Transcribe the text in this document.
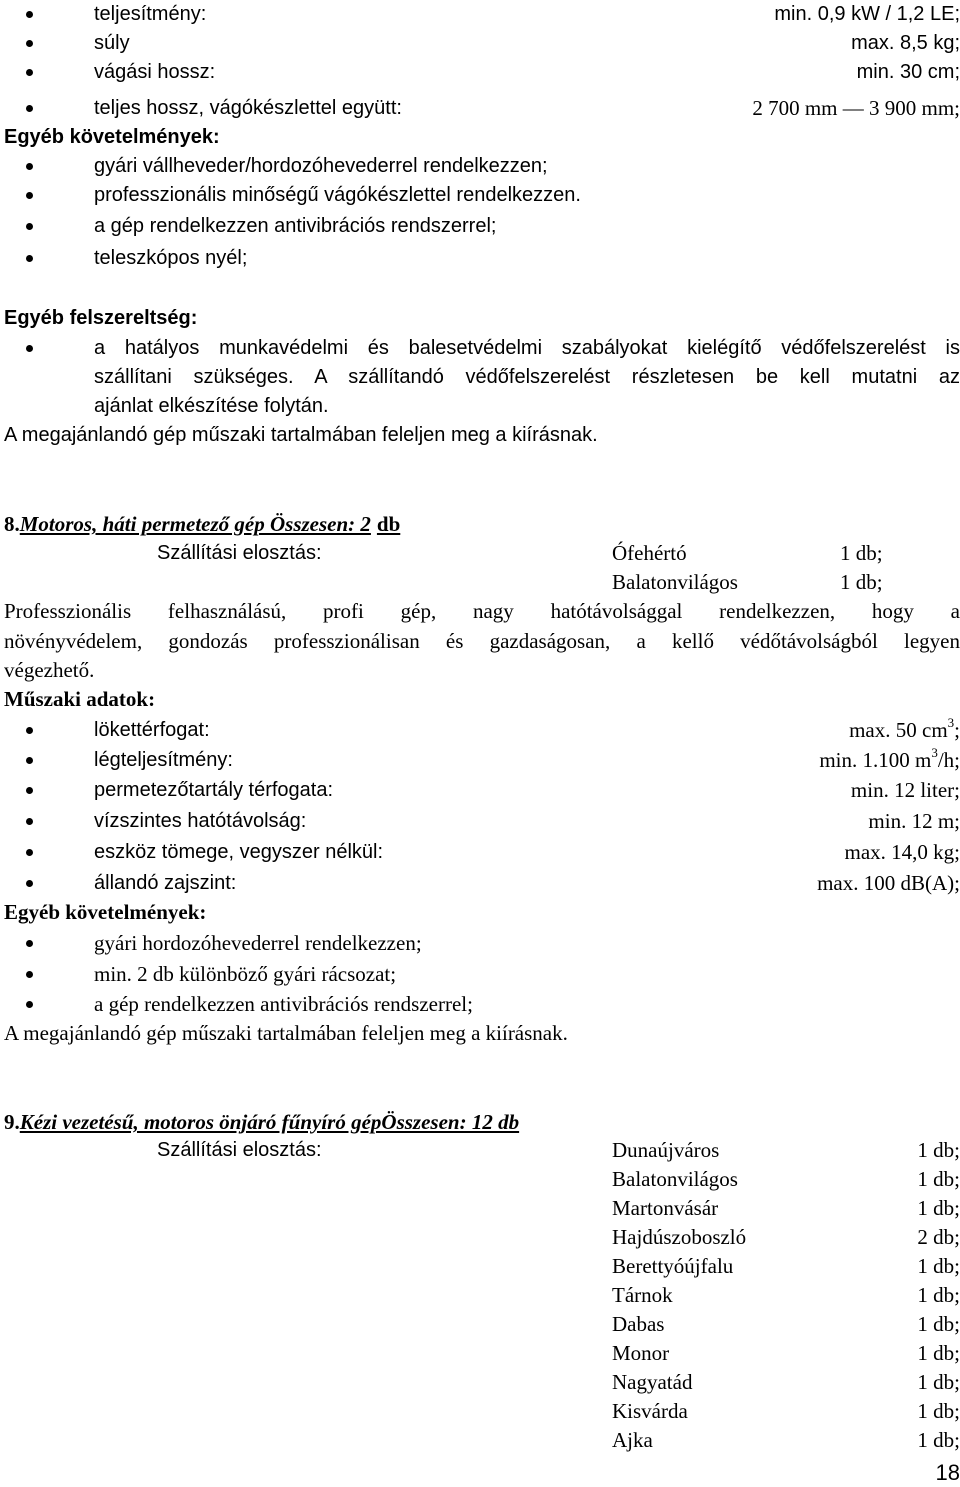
teljesítmény:	min. 0,9 kW / 1,2 LE;
súly	max. 8,5 kg;
vágási hossz:	min. 30 cm;
teljes hossz, vágókészlettel együtt:	2 700 mm — 3 900 mm;
Egyéb követelmények:
gyári vállheveder/hordozóhevederrel rendelkezzen;
professzionális minőségű vágókészlettel rendelkezzen.
a gép rendelkezzen antivibrációs rendszerrel;
teleszkópos nyél;
Egyéb felszereltség:
a hatályos munkavédelmi és balesetvédelmi szabályokat kielégítő védőfelszerelést is
szállítani szükséges. A szállítandó védőfelszerelést részletesen be kell mutatni az
ajánlat elkészítése folytán.
A megajánlandó gép műszaki tartalmában feleljen meg a kiírásnak.
8.Motoros, háti permetező gép Összesen: 2 db
Szállítási elosztás:	Ófehértó	1 db;
Balatonvilágos	1 db;
Professzionális felhasználású, profi gép, nagy hatótávolsággal rendelkezzen, hogy a
növényvédelem, gondozás professzionálisan és gazdaságosan, a kellő védőtávolságból legyen
végezhető.
Műszaki adatok:
lökettérfogat:	max. 50 $cm^3$;
légteljesítmény:	min. 1.100 $m^3/h$;
permetezőtartály térfogata:	min. 12 liter;
vízszintes hatótávolság:	min. 12 m;
eszköz tömege, vegyszer nélkül:	max. 14,0 kg;
állandó zajszint:	max. 100 dB(A);
Egyéb követelmények:
gyári hordozóhevederrel rendelkezzen;
min. 2 db különböző gyári rácsozat;
a gép rendelkezzen antivibrációs rendszerrel;
A megajánlandó gép műszaki tartalmában feleljen meg a kiírásnak.
9.Kézi vezetésű, motoros önjáró fűnyíró gépÖsszesen: 12 db
Szállítási elosztás:	Dunaújváros	1 db;
Balatonvilágos	1 db;
Martonvásár	1 db;
Hajdúszoboszló	2 db;
Berettyóújfalu	1 db;
Tárnok	1 db;
Dabas	1 db;
Monor	1 db;
Nagyatád	1 db;
Kisvárda	1 db;
Ajka	1 db;
18
